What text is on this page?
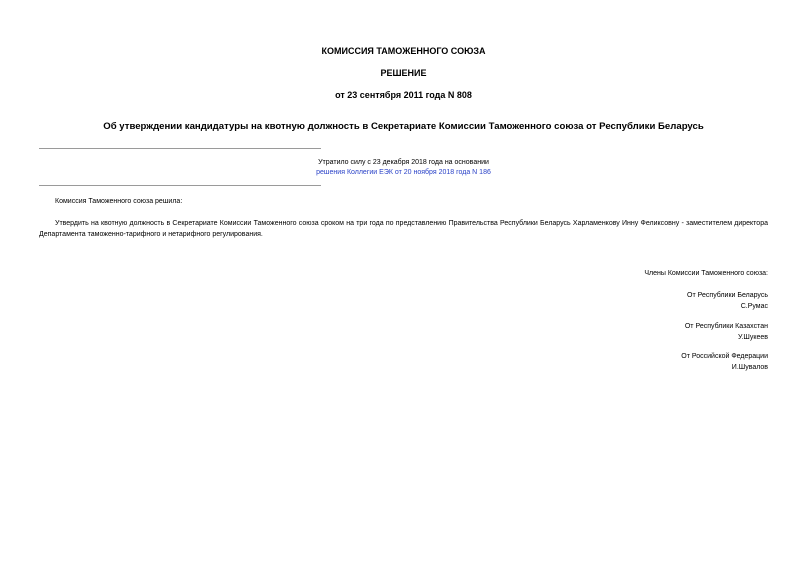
КОМИССИЯ ТАМОЖЕННОГО СОЮЗА
РЕШЕНИЕ
от 23 сентября 2011 года N 808
Об утверждении кандидатуры на квотную должность в Секретариате Комиссии Таможенного союза от Республики Беларусь
Утратило силу с 23 декабря 2018 года на основании
решения Коллегии ЕЭК от 20 ноября 2018 года N 186
Комиссия Таможенного союза решила:
Утвердить на квотную должность в Секретариате Комиссии Таможенного союза сроком на три года по представлению Правительства Республики Беларусь Харламенкову Инну Феликсовну - заместителем директора Департамента таможенно-тарифного и нетарифного регулирования.
Члены Комиссии Таможенного союза:
От Республики Беларусь
С.Румас
От Республики Казахстан
У.Шукеев
От Российской Федерации
И.Шувалов
